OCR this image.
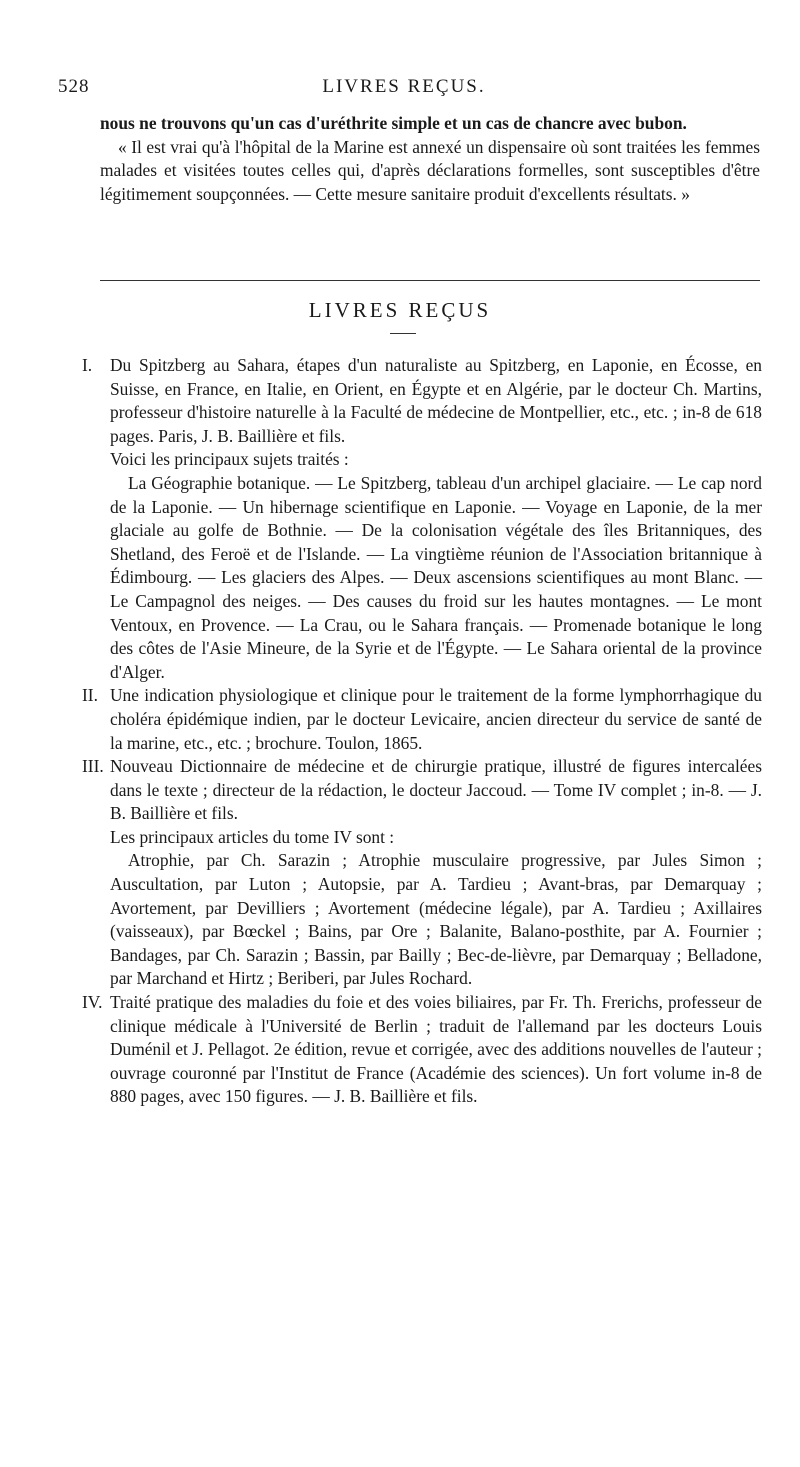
528	LIVRES REÇUS.

nous ne trouvons qu'un cas d'uréthrite simple et un cas de chancre avec bubon.

« Il est vrai qu'à l'hôpital de la Marine est annexé un dispensaire où sont traitées les femmes malades et visitées toutes celles qui, d'après déclarations formelles, sont susceptibles d'être légitimement soupçonnées. — Cette mesure sanitaire produit d'excellents résultats. »

LIVRES REÇUS
I.	Du Spitzberg au Sahara, étapes d'un naturaliste au Spitzberg, en Laponie, en Écosse, en Suisse, en France, en Italie, en Orient, en Égypte et en Algérie, par le docteur Ch. Martins, professeur d'histoire naturelle à la Faculté de médecine de Montpellier, etc., etc. ; in-8 de 618 pages. Paris, J. B. Baillière et fils.

Voici les principaux sujets traités :

La Géographie botanique. — Le Spitzberg, tableau d'un archipel glaciaire. — Le cap nord de la Laponie. — Un hibernage scientifique en Laponie. — Voyage en Laponie, de la mer glaciale au golfe de Bothnie. — De la colonisation végétale des îles Britanniques, des Shetland, des Feroë et de l'Islande. — La vingtième réunion de l'Association britannique à Édimbourg. — Les glaciers des Alpes. — Deux ascensions scientifiques au mont Blanc. — Le Campagnol des neiges. — Des causes du froid sur les hautes montagnes. — Le mont Ventoux, en Provence. — La Crau, ou le Sahara français. — Promenade botanique le long des côtes de l'Asie Mineure, de la Syrie et de l'Égypte. — Le Sahara oriental de la province d'Alger.

II. Une indication physiologique et clinique pour le traitement de la forme lymphorrhagique du choléra épidémique indien, par le docteur Levicaire, ancien directeur du service de santé de la marine, etc., etc. ; brochure. Toulon, 1865.

III. Nouveau Dictionnaire de médecine et de chirurgie pratique, illustré de figures intercalées dans le texte ; directeur de la rédaction, le docteur Jaccoud. — Tome IV complet ; in-8. — J. B. Baillière et fils.

Les principaux articles du tome IV sont :

Atrophie, par Ch. Sarazin ; Atrophie musculaire progressive, par Jules Simon ; Auscultation, par Luton ; Autopsie, par A. Tardieu ; Avant-bras, par Demarquay ; Avortement, par Devilliers ; Avortement (médecine légale), par A. Tardieu ; Axillaires (vaisseaux), par Bœckel ; Bains, par Ore ; Balanite, Balano-posthite, par A. Fournier ; Bandages, par Ch. Sarazin ; Bassin, par Bailly ; Bec-de-lièvre, par Demarquay ; Belladone, par Marchand et Hirtz ; Beriberi, par Jules Rochard.

IV. Traité pratique des maladies du foie et des voies biliaires, par Fr. Th. Frerichs, professeur de clinique médicale à l'Université de Berlin ; traduit de l'allemand par les docteurs Louis Duménil et J. Pellagot. 2e édition, revue et corrigée, avec des additions nouvelles de l'auteur ; ouvrage couronné par l'Institut de France (Académie des sciences). Un fort volume in-8 de 880 pages, avec 150 figures. — J. B. Baillière et fils.
